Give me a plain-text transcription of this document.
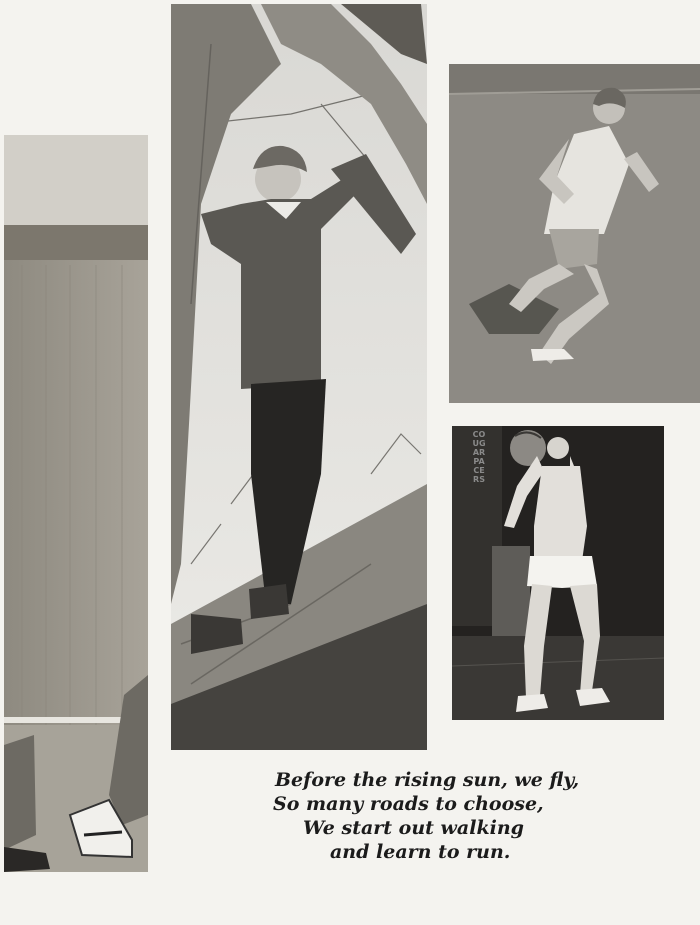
COUGAR
PACERS
Before the rising sun, we fly,
So many roads to choose,
We start out walking
and learn to run.
